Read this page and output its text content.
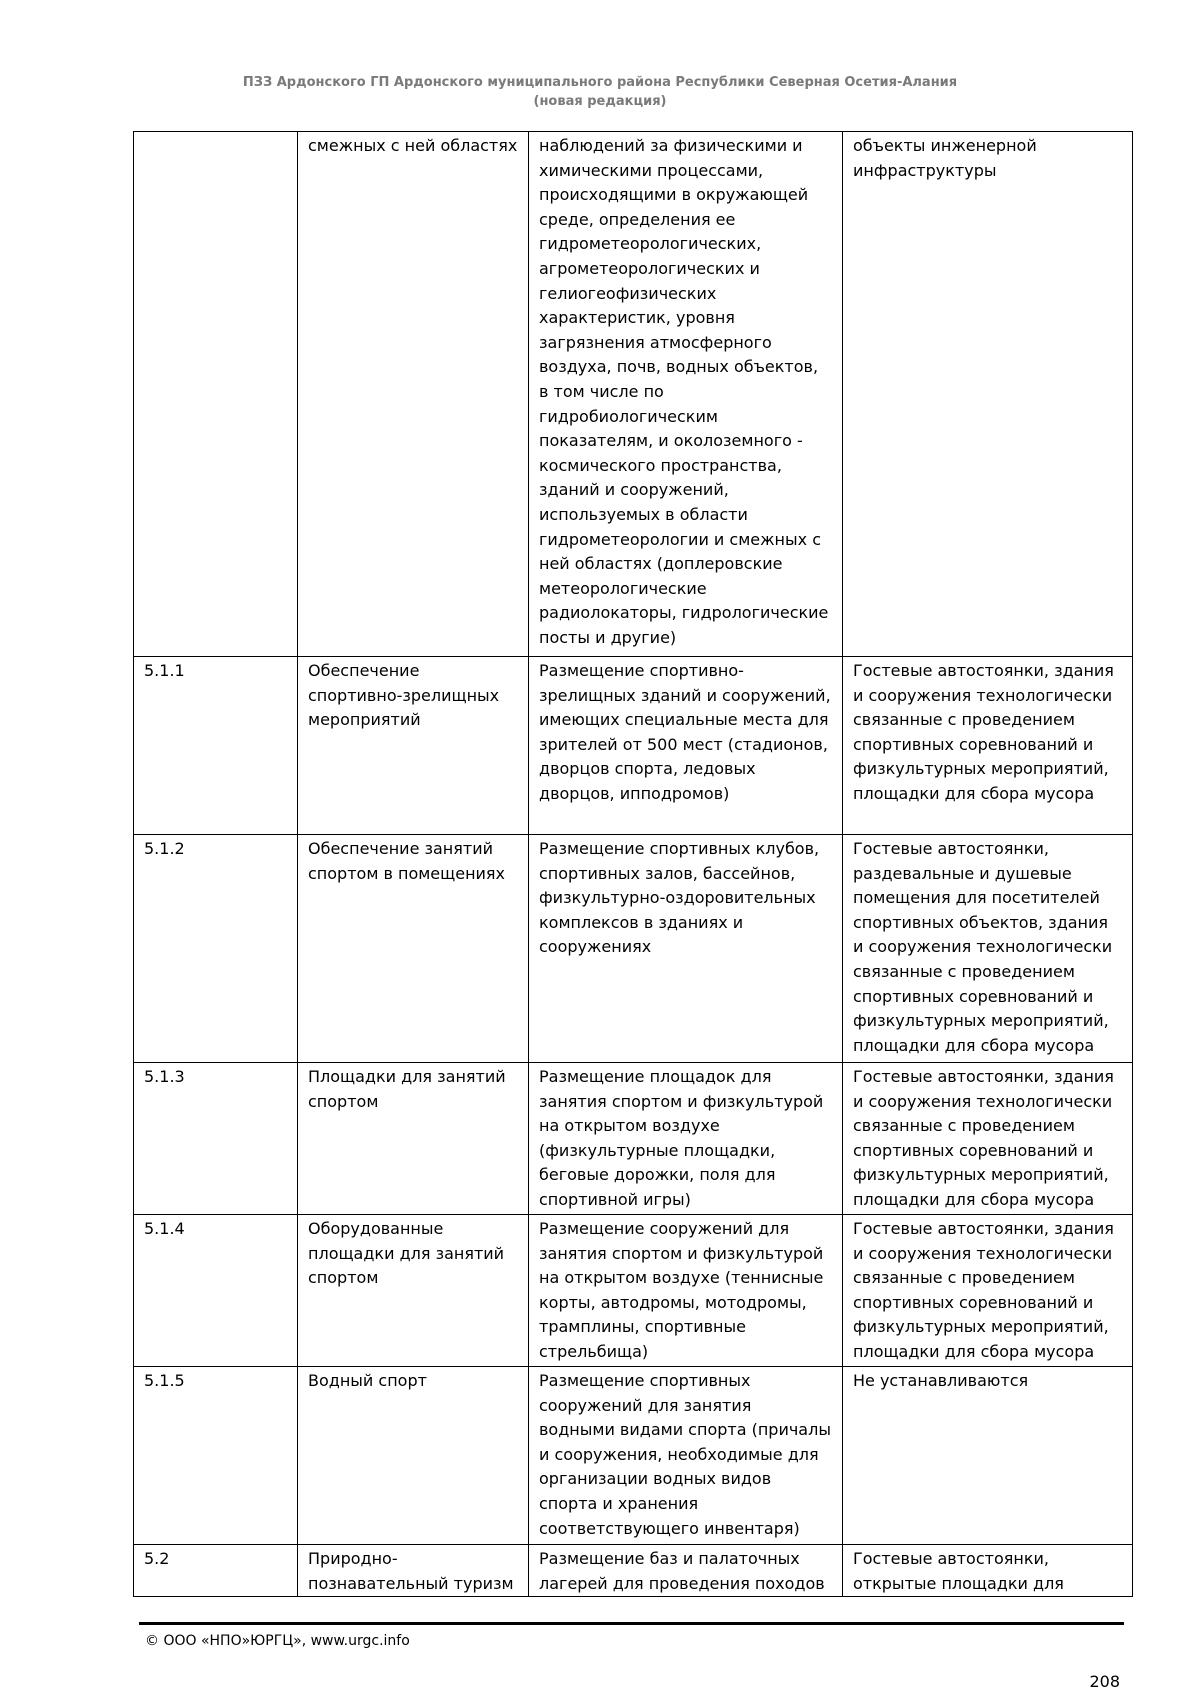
ПЗЗ Ардонского ГП Ардонского муниципального района Республики Северная Осетия-Алания
(новая редакция)
	смежных с ней областях	наблюдений за физическими и химическими процессами, происходящими в окружающей среде, определения ее гидрометеорологических, агрометеорологических и гелиогеофизических характеристик, уровня загрязнения атмосферного воздуха, почв, водных объектов, в том числе по гидробиологическим показателям, и околоземного - космического пространства, зданий и сооружений, используемых в области гидрометеорологии и смежных с ней областях (доплеровские метеорологические радиолокаторы, гидрологические посты и другие)	объекты инженерной инфраструктуры
5.1.1	Обеспечение спортивно-зрелищных мероприятий	Размещение спортивно-зрелищных зданий и сооружений, имеющих специальные места для зрителей от 500 мест (стадионов, дворцов спорта, ледовых дворцов, ипподромов)	Гостевые автостоянки, здания и сооружения технологически связанные с проведением спортивных соревнований и физкультурных мероприятий, площадки для сбора мусора
5.1.2	Обеспечение занятий спортом в помещениях	Размещение спортивных клубов, спортивных залов, бассейнов, физкультурно-оздоровительных комплексов в зданиях и сооружениях	Гостевые автостоянки, раздевальные и душевые помещения для посетителей спортивных объектов, здания и сооружения технологически связанные с проведением спортивных соревнований и физкультурных мероприятий, площадки для сбора мусора
5.1.3	Площадки для занятий спортом	Размещение площадок для занятия спортом и физкультурой на открытом воздухе (физкультурные площадки, беговые дорожки, поля для спортивной игры)	Гостевые автостоянки, здания и сооружения технологически связанные с проведением спортивных соревнований и физкультурных мероприятий, площадки для сбора мусора
5.1.4	Оборудованные площадки для занятий спортом	Размещение сооружений для занятия спортом и физкультурой на открытом воздухе (теннисные корты, автодромы, мотодромы, трамплины, спортивные стрельбища)	Гостевые автостоянки, здания и сооружения технологически связанные с проведением спортивных соревнований и физкультурных мероприятий, площадки для сбора мусора
5.1.5	Водный спорт	Размещение спортивных сооружений для занятия водными видами спорта (причалы и сооружения, необходимые для организации водных видов спорта и хранения соответствующего инвентаря)	Не устанавливаются
5.2	Природно-познавательный туризм	Размещение баз и палаточных лагерей для проведения походов	Гостевые автостоянки, открытые площадки для
© ООО «НПО»ЮРГЦ», www.urgc.info
208
